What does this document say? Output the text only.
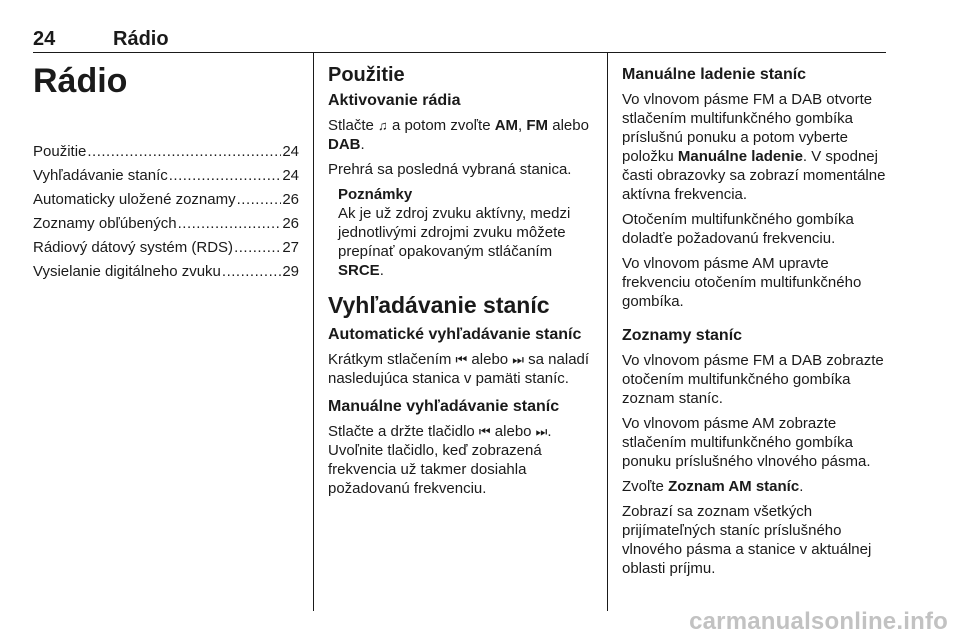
24	Rádio
Rádio
Použitie .....	24
Vyhľadávanie staníc .....	24
Automaticky uložené zoznamy .....	26
Zoznamy obľúbených .....	26
Rádiový dátový systém (RDS) .....	27
Vysielanie digitálneho zvuku .....	29
Použitie
Aktivovanie rádia

Stlačte ♫ a potom zvoľte AM, FM alebo DAB.

Prehrá sa posledná vybraná stanica.

Poznámky

Ak je už zdroj zvuku aktívny, medzi jednotlivými zdrojmi zvuku môžete prepínať opakovaným stláčaním SRCE.

Vyhľadávanie staníc
Automatické vyhľadávanie staníc

Krátkym stlačením ⏮ alebo ⏭ sa naladí nasledujúca stanica v pamäti staníc.

Manuálne vyhľadávanie staníc

Stlačte a držte tlačidlo ⏮ alebo ⏭. Uvoľnite tlačidlo, keď zobrazená frekvencia už takmer dosiahla požadovanú frekvenciu.

Manuálne ladenie staníc

Vo vlnovom pásme FM a DAB otvorte stlačením multifunkčného gombíka príslušnú ponuku a potom vyberte položku Manuálne ladenie. V spodnej časti obrazovky sa zobrazí momentálne aktívna frekvencia.

Otočením multifunkčného gombíka doladťe požadovanú frekvenciu.

Vo vlnovom pásme AM upravte frekvenciu otočením multifunkčného gombíka.

Zoznamy staníc

Vo vlnovom pásme FM a DAB zobrazte otočením multifunkčného gombíka zoznam staníc.

Vo vlnovom pásme AM zobrazte stlačením multifunkčného gombíka ponuku príslušného vlnového pásma.

Zvoľte Zoznam AM staníc.

Zobrazí sa zoznam všetkých prijímateľných staníc príslušného vlnového pásma a stanice v aktuálnej oblasti príjmu.

carmanualsonline.info
